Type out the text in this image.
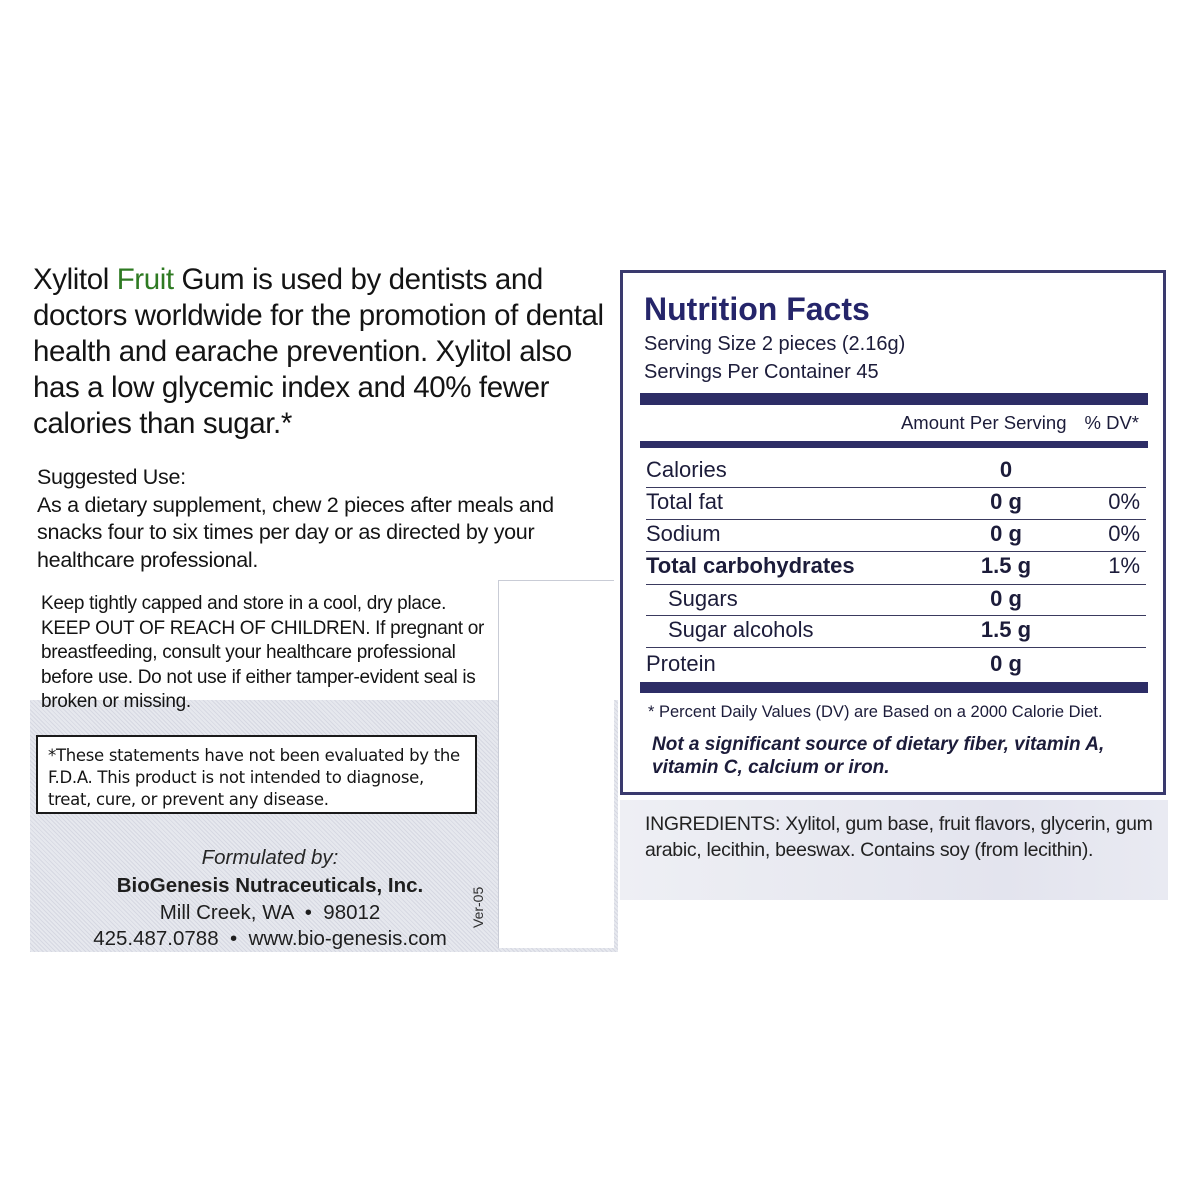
Xylitol Fruit Gum is used by dentists and doctors worldwide for the promotion of dental health and earache prevention. Xylitol also has a low glycemic index and 40% fewer calories than sugar.*
Suggested Use:
As a dietary supplement, chew 2 pieces after meals and snacks four to six times per day or as directed by your healthcare professional.
Keep tightly capped and store in a cool, dry place. KEEP OUT OF REACH OF CHILDREN. If pregnant or breastfeeding, consult your healthcare professional before use. Do not use if either tamper-evident seal is broken or missing.
*These statements have not been evaluated by the F.D.A. This product is not intended to diagnose, treat, cure, or prevent any disease.
Formulated by:
BioGenesis Nutraceuticals, Inc.
Mill Creek, WA  •  98012
425.487.0788  •  www.bio-genesis.com
Ver-05
Nutrition Facts
Serving Size 2 pieces (2.16g)
Servings Per Container 45
Amount Per Serving % DV*
Calories	0
Total fat	0 g	0%
Sodium	0 g	0%
Total carbohydrates	1.5 g	1%
Sugars	0 g
Sugar alcohols	1.5 g
Protein	0 g
* Percent Daily Values (DV) are Based on a 2000 Calorie Diet.
Not a significant source of dietary fiber, vitamin A, vitamin C, calcium or iron.
INGREDIENTS: Xylitol, gum base, fruit flavors, glycerin, gum arabic, lecithin, beeswax. Contains soy (from lecithin).
